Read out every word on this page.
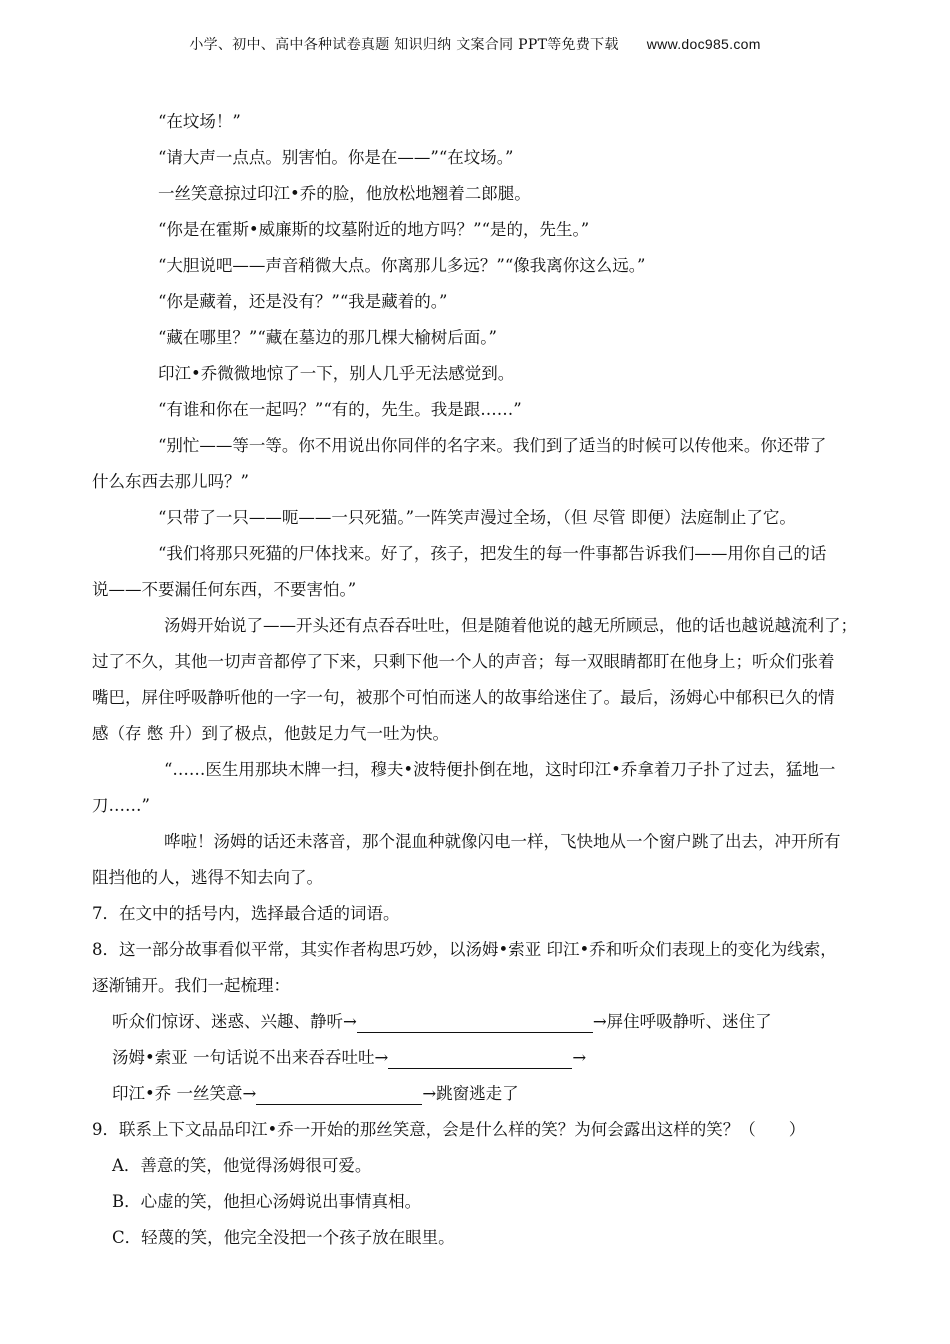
小学、初中、高中各种试卷真题 知识归纳 文案合同 PPT等免费下载 www.doc985.com
“在坟场！”
“请大声一点点。别害怕。你是在——”“在坟场。”
一丝笑意掠过印江•乔的脸，他放松地翘着二郎腿。
“你是在霍斯•威廉斯的坟墓附近的地方吗？”“是的，先生。”
“大胆说吧——声音稍微大点。你离那儿多远？”“像我离你这么远。”
“你是藏着，还是没有？”“我是藏着的。”
“藏在哪里？”“藏在墓边的那几棵大榆树后面。”
印江•乔微微地惊了一下，别人几乎无法感觉到。
“有谁和你在一起吗？”“有的，先生。我是跟……”
“别忙——等一等。你不用说出你同伴的名字来。我们到了适当的时候可以传他来。你还带了
什么东西去那儿吗？”
“只带了一只——呃——一只死猫。”一阵笑声漫过全场，（但 尽管 即便）法庭制止了它。
“我们将那只死猫的尸体找来。好了，孩子，把发生的每一件事都告诉我们——用你自己的话
说——不要漏任何东西，不要害怕。”
汤姆开始说了——开头还有点吞吞吐吐，但是随着他说的越无所顾忌，他的话也越说越流利了；
过了不久，其他一切声音都停了下来，只剩下他一个人的声音；每一双眼睛都盯在他身上；听众们张着
嘴巴，屏住呼吸静听他的一字一句，被那个可怕而迷人的故事给迷住了。最后，汤姆心中郁积已久的情
感（存 憋 升）到了极点，他鼓足力气一吐为快。
“……医生用那块木牌一扫，穆夫•波特便扑倒在地，这时印江•乔拿着刀子扑了过去，猛地一
刀……”
哗啦！汤姆的话还未落音，那个混血种就像闪电一样，飞快地从一个窗户跳了出去，冲开所有
阻挡他的人，逃得不知去向了。
7．在文中的括号内，选择最合适的词语。
8．这一部分故事看似平常，其实作者构思巧妙，以汤姆•索亚 印江•乔和听众们表现上的变化为线索，
逐渐铺开。我们一起梳理：
听众们惊讶、迷惑、兴趣、静听→	→屏住呼吸静听、迷住了
汤姆•索亚 一句话说不出来吞吞吐吐→	→
印江•乔 一丝笑意→	→跳窗逃走了
9．联系上下文品品印江•乔一开始的那丝笑意，会是什么样的笑？为何会露出这样的笑？（　　）
A．善意的笑，他觉得汤姆很可爱。
B．心虚的笑，他担心汤姆说出事情真相。
C．轻蔑的笑，他完全没把一个孩子放在眼里。
